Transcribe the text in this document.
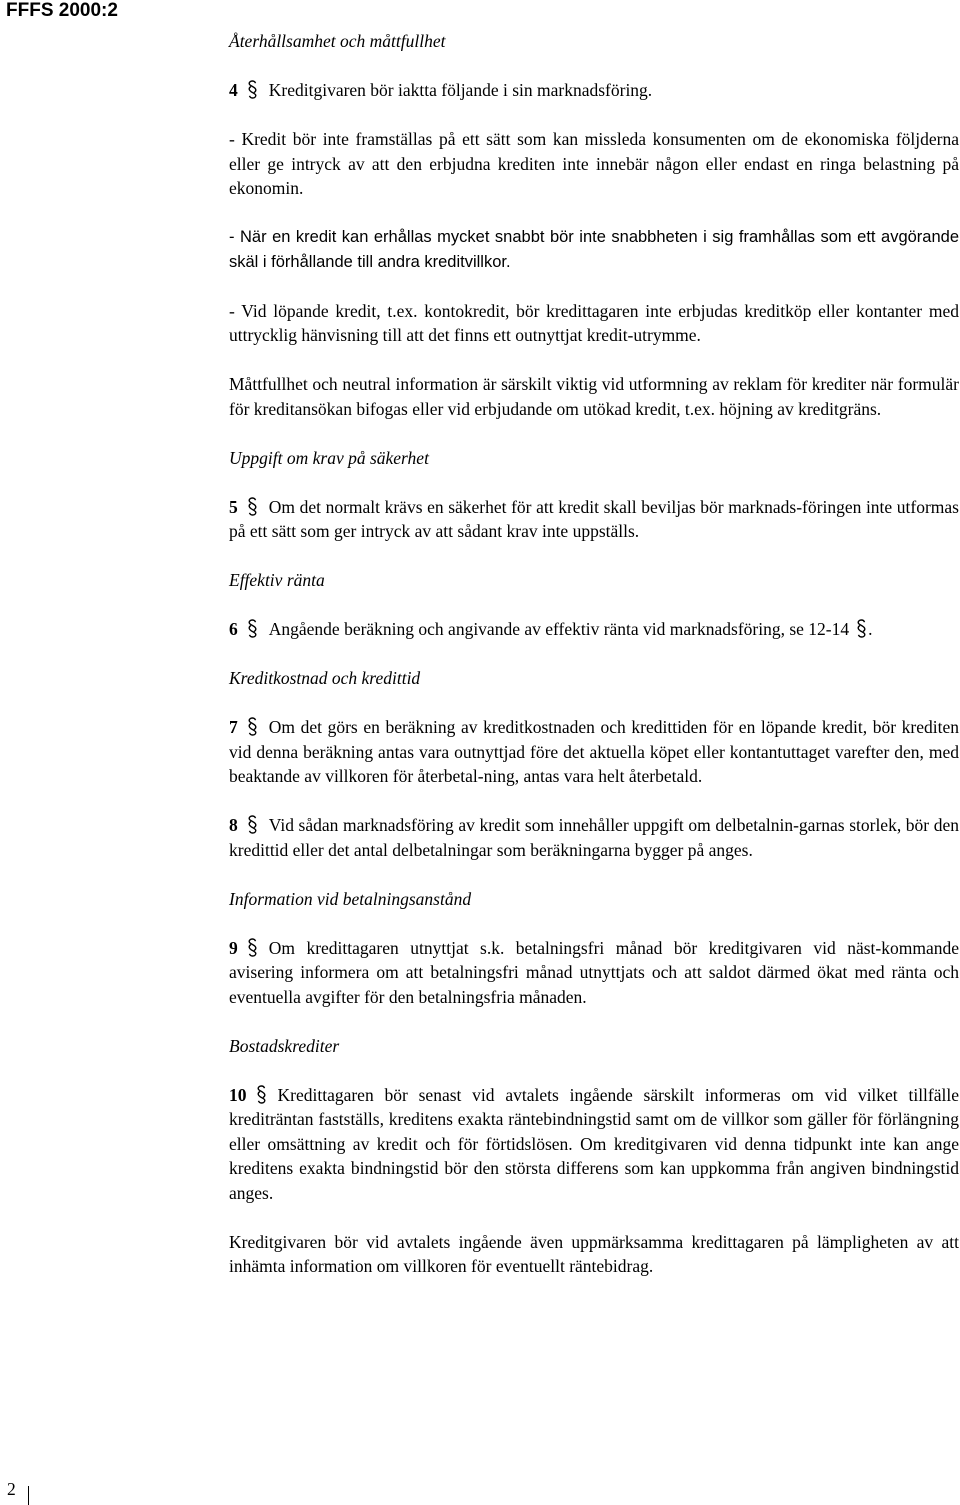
FFFS 2000:2

Återhållsamhet och måttfullhet

4 Kreditgivaren bör iaktta följande i sin marknadsföring.

- Kredit bör inte framställas på ett sätt som kan missleda konsumenten om de ekonomiska följderna eller ge intryck av att den erbjudna krediten inte innebär någon eller endast en ringa belastning på ekonomin.

- När en kredit kan erhållas mycket snabbt bör inte snabbheten i sig framhållas som ett avgörande skäl i förhållande till andra kreditvillkor.

- Vid löpande kredit, t.ex. kontokredit, bör kredittagaren inte erbjudas kreditköp eller kontanter med uttrycklig hänvisning till att det finns ett outnyttjat kredit-utrymme.

Måttfullhet och neutral information är särskilt viktig vid utformning av reklam för krediter när formulär för kreditansökan bifogas eller vid erbjudande om utökad kredit, t.ex. höjning av kreditgräns.

Uppgift om krav på säkerhet

5 Om det normalt krävs en säkerhet för att kredit skall beviljas bör marknads-föringen inte utformas på ett sätt som ger intryck av att sådant krav inte uppställs.

Effektiv ränta

6 Angående beräkning och angivande av effektiv ränta vid marknadsföring, se 12-14 .

Kreditkostnad och kredittid

7 Om det görs en beräkning av kreditkostnaden och kredittiden för en löpande kredit, bör krediten vid denna beräkning antas vara outnyttjad före det aktuella köpet eller kontantuttaget varefter den, med beaktande av villkoren för återbetal-ning, antas vara helt återbetald.

8 Vid sådan marknadsföring av kredit som innehåller uppgift om delbetalnin-garnas storlek, bör den kredittid eller det antal delbetalningar som beräkningarna bygger på anges.

Information vid betalningsanstånd

9 Om kredittagaren utnyttjat s.k. betalningsfri månad bör kreditgivaren vid näst-kommande avisering informera om att betalningsfri månad utnyttjats och att saldot därmed ökat med ränta och eventuella avgifter för den betalningsfria månaden.

Bostadskrediter

10 Kredittagaren bör senast vid avtalets ingående särskilt informeras om vid vilket tillfälle krediträntan fastställs, kreditens exakta räntebindningstid samt om de villkor som gäller för förlängning eller omsättning av kredit och för förtidslösen. Om kreditgivaren vid denna tidpunkt inte kan ange kreditens exakta bindningstid bör den största differens som kan uppkomma från angiven bindningstid anges.

Kreditgivaren bör vid avtalets ingående även uppmärksamma kredittagaren på lämpligheten av att inhämta information om villkoren för eventuellt räntebidrag.

2
